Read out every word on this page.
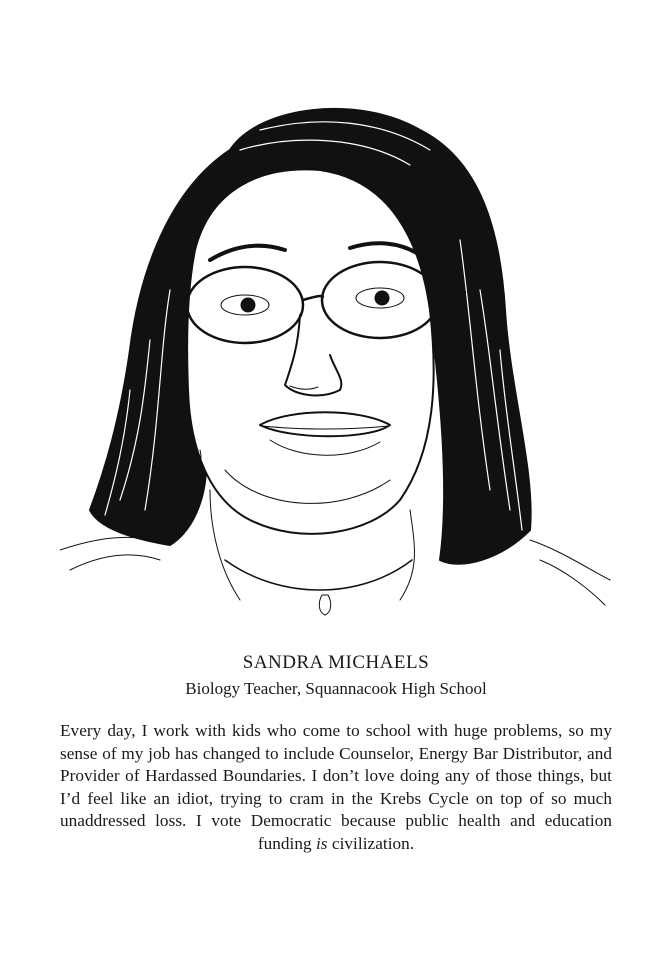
SANDRA MICHAELS
Biology Teacher, Squannacook High School
Every day, I work with kids who come to school with huge problems, so my sense of my job has changed to include Counselor, Energy Bar Distributor, and Provider of Hardassed Boundaries. I don’t love doing any of those things, but I’d feel like an idiot, trying to cram in the Krebs Cycle on top of so much unaddressed loss. I vote Democratic because public health and education funding is civilization.
